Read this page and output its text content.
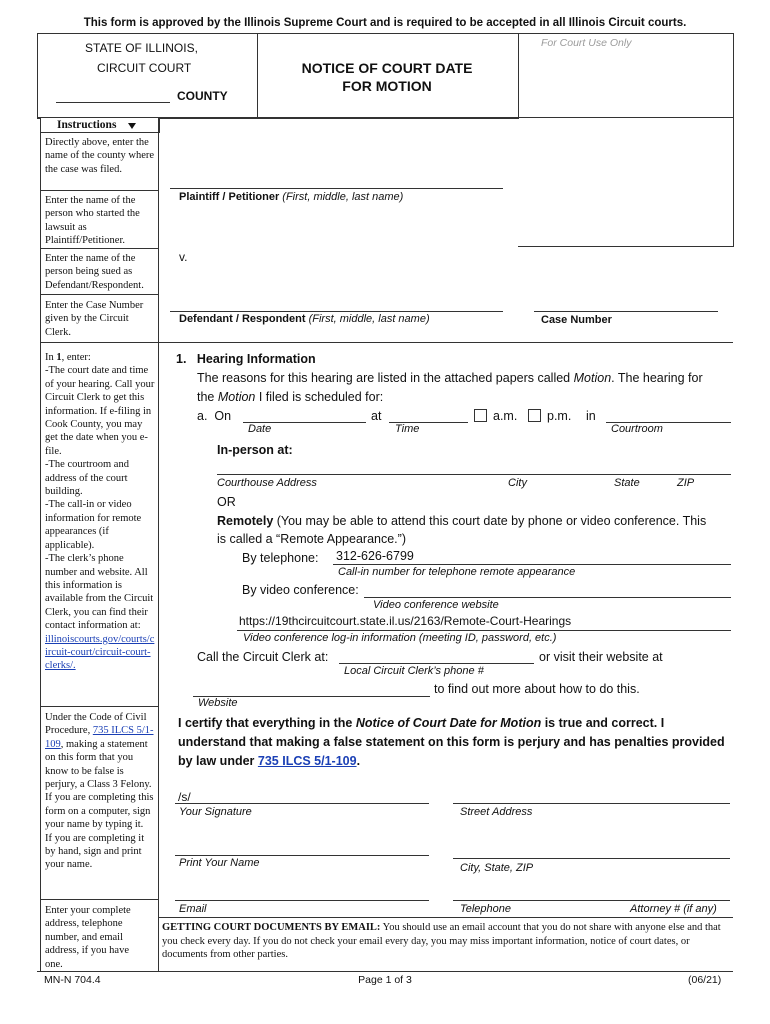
This form is approved by the Illinois Supreme Court and is required to be accepted in all Illinois Circuit courts.
For Court Use Only
STATE OF ILLINOIS,
CIRCUIT COURT
COUNTY
NOTICE OF COURT DATE
FOR MOTION
Instructions
Directly above, enter the name of the county where the case was filed.
Enter the name of the person who started the lawsuit as Plaintiff/Petitioner.
Enter the name of the person being sued as Defendant/Respondent.
Enter the Case Number given by the Circuit Clerk.
In 1, enter:
-The court date and time of your hearing. Call your Circuit Clerk to get this information. If e-filing in Cook County, you may get the date when you e-file.
-The courtroom and address of the court building.
-The call-in or video information for remote appearances (if applicable).
-The clerk’s phone number and website. All this information is available from the Circuit Clerk, you can find their contact information at:
illinoiscourts.gov/courts/circuit-court/circuit-court-clerks/.
Under the Code of Civil Procedure, 735 ILCS 5/1-109, making a statement on this form that you know to be false is perjury, a Class 3 Felony.
If you are completing this form on a computer, sign your name by typing it.  If you are completing it by hand, sign and print your name.
Enter your complete address, telephone number, and email address, if you have one.
Plaintiff / Petitioner (First, middle, last name)
v.
Defendant / Respondent (First, middle, last name)	Case Number
1.   Hearing Information
The reasons for this hearing are listed in the attached papers called Motion. The hearing for
the Motion I filed is scheduled for:
a.  On	at	a.m. p.m. in
Date	Time	Courtroom
In-person at:
Courthouse Address	City	State	ZIP
OR
Remotely (You may be able to attend this court date by phone or video conference. This
is called a “Remote Appearance.”)
By telephone: 312-626-6799
Call-in number for telephone remote appearance
By video conference:
Video conference website
https://19thcircuitcourt.state.il.us/2163/Remote-Court-Hearings
Video conference log-in information (meeting ID, password, etc.)
Call the Circuit Clerk at:	or visit their website at
Local Circuit Clerk’s phone #
to find out more about how to do this.
Website
I certify that everything in the Notice of Court Date for Motion is true and correct. I understand that making a false statement on this form is perjury and has penalties provided by law under 735 ILCS 5/1-109.
/s/
Your Signature	Street Address
Print Your Name	City, State, ZIP
Email	Telephone	Attorney # (if any)
GETTING COURT DOCUMENTS BY EMAIL: You should use an email account that you do not share with anyone else and that you check every day. If you do not check your email every day, you may miss important information, notice of court dates, or documents from other parties.
MN-N 704.4	Page 1 of 3	(06/21)
